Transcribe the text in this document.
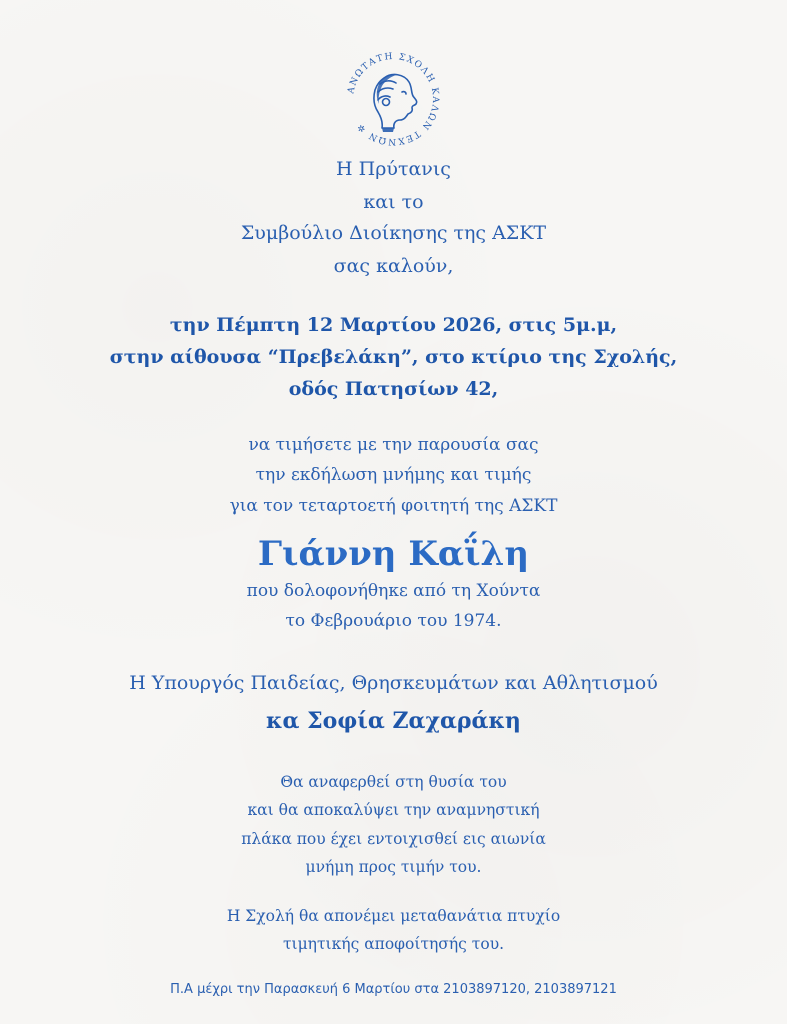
ΑΝΩΤΑΤΗ ΣΧΟΛΗ ΚΑΛΩΝ ΤΕΧΝΩΝ ✲
Η Πρύτανις
και το
Συμβούλιο Διοίκησης της ΑΣΚΤ
σας καλούν,
την Πέμπτη 12 Μαρτίου 2026, στις 5μ.μ,
στην αίθουσα “Πρεβελάκη”, στο κτίριο της Σχολής,
οδός Πατησίων 42,
να τιμήσετε με την παρουσία σας
την εκδήλωση μνήμης και τιμής
για τον τεταρτοετή φοιτητή της ΑΣΚΤ
Γιάννη Καΐλη
που δολοφονήθηκε από τη Χούντα
το Φεβρουάριο του 1974.
Η Υπουργός Παιδείας, Θρησκευμάτων και Αθλητισμού
κα Σοφία Ζαχαράκη
Θα αναφερθεί στη θυσία του
και θα αποκαλύψει την αναμνηστική
πλάκα που έχει εντοιχισθεί εις αιωνία
μνήμη προς τιμήν του.
Η Σχολή θα απονέμει μεταθανάτια πτυχίο
τιμητικής αποφοίτησής του.
Π.Α μέχρι την Παρασκευή 6 Μαρτίου στα 2103897120, 2103897121
